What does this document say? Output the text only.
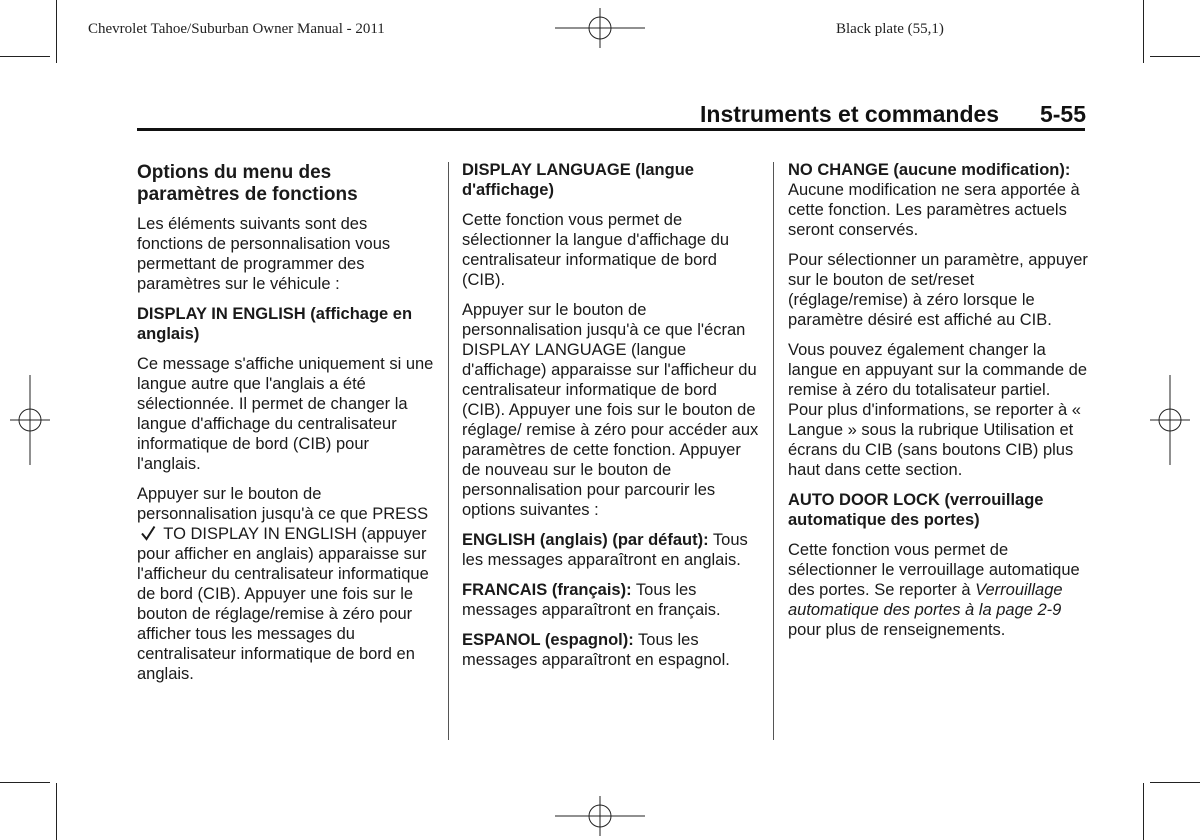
Chevrolet Tahoe/Suburban Owner Manual - 2011	Black plate (55,1)
Instruments et commandes 5-55
Options du menu des paramètres de fonctions
Les éléments suivants sont des fonctions de personnalisation vous permettant de programmer des paramètres sur le véhicule :
DISPLAY IN ENGLISH (affichage en anglais)
Ce message s'affiche uniquement si une langue autre que l'anglais a été sélectionnée. Il permet de changer la langue d'affichage du centralisateur informatique de bord (CIB) pour l'anglais.
Appuyer sur le bouton de personnalisation jusqu'à ce que PRESS  TO DISPLAY IN ENGLISH (appuyer pour afficher en anglais) apparaisse sur l'afficheur du centralisateur informatique de bord (CIB). Appuyer une fois sur le bouton de réglage/remise à zéro pour afficher tous les messages du centralisateur informatique de bord en anglais.
DISPLAY LANGUAGE (langue d'affichage)
Cette fonction vous permet de sélectionner la langue d'affichage du centralisateur informatique de bord (CIB).
Appuyer sur le bouton de personnalisation jusqu'à ce que l'écran DISPLAY LANGUAGE (langue d'affichage) apparaisse sur l'afficheur du centralisateur informatique de bord (CIB). Appuyer une fois sur le bouton de réglage/ remise à zéro pour accéder aux paramètres de cette fonction. Appuyer de nouveau sur le bouton de personnalisation pour parcourir les options suivantes :
ENGLISH (anglais) (par défaut): Tous les messages apparaîtront en anglais.
FRANCAIS (français): Tous les messages apparaîtront en français.
ESPANOL (espagnol): Tous les messages apparaîtront en espagnol.
NO CHANGE (aucune modification): Aucune modification ne sera apportée à cette fonction. Les paramètres actuels seront conservés.
Pour sélectionner un paramètre, appuyer sur le bouton de set/reset (réglage/remise) à zéro lorsque le paramètre désiré est affiché au CIB.
Vous pouvez également changer la langue en appuyant sur la commande de remise à zéro du totalisateur partiel. Pour plus d'informations, se reporter à « Langue » sous la rubrique Utilisation et écrans du CIB (sans boutons CIB) plus haut dans cette section.
AUTO DOOR LOCK (verrouillage automatique des portes)
Cette fonction vous permet de sélectionner le verrouillage automatique des portes. Se reporter à Verrouillage automatique des portes à la page 2-9 pour plus de renseignements.
